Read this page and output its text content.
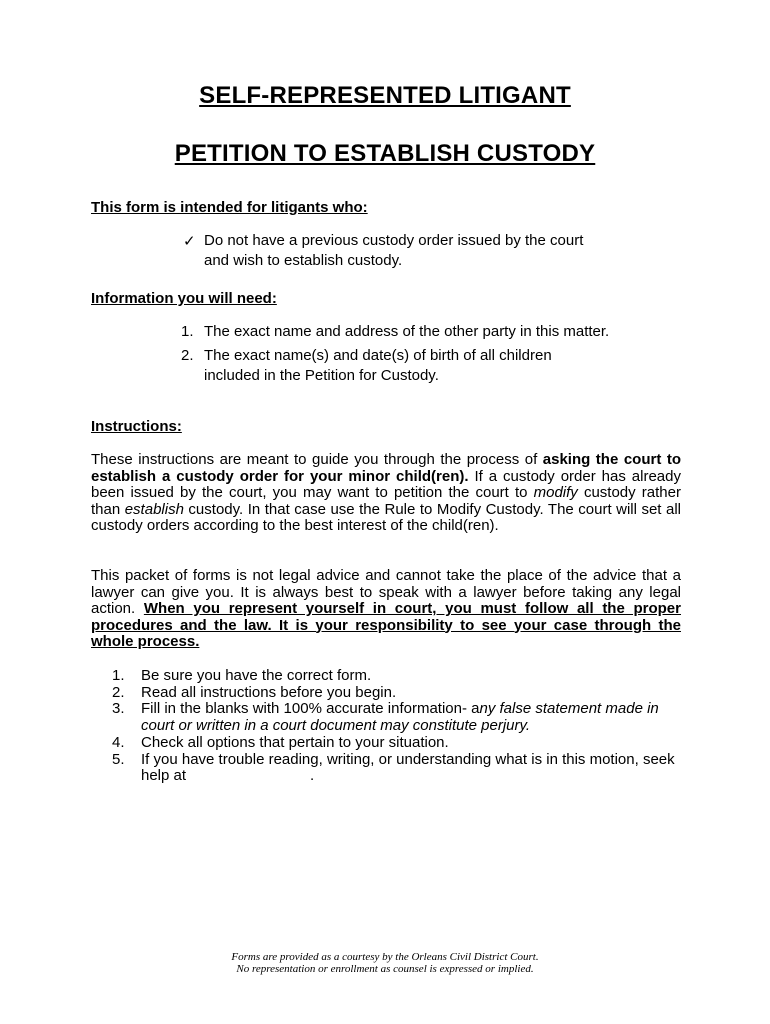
SELF-REPRESENTED LITIGANT
PETITION TO ESTABLISH CUSTODY
This form is intended for litigants who:
✓ Do not have a previous custody order issued by the court
and wish to establish custody.
Information you will need:
1. The exact name and address of the other party in this matter.
2. The exact name(s) and date(s) of birth of all children
included in the Petition for Custody.
Instructions:
These instructions are meant to guide you through the process of asking the court to establish a custody order for your minor child(ren). If a custody order has already been issued by the court, you may want to petition the court to modify custody rather than establish custody. In that case use the Rule to Modify Custody. The court will set all custody orders according to the best interest of the child(ren).
This packet of forms is not legal advice and cannot take the place of the advice that a lawyer can give you. It is always best to speak with a lawyer before taking any legal action. When you represent yourself in court, you must follow all the proper procedures and the law. It is your responsibility to see your case through the whole process.
1. Be sure you have the correct form.
2. Read all instructions before you begin.
3. Fill in the blanks with 100% accurate information- any false statement made in court or written in a court document may constitute perjury.
4. Check all options that pertain to your situation.
5. If you have trouble reading, writing, or understanding what is in this motion, seek help at	.
Forms are provided as a courtesy by the Orleans Civil District Court.
No representation or enrollment as counsel is expressed or implied.
